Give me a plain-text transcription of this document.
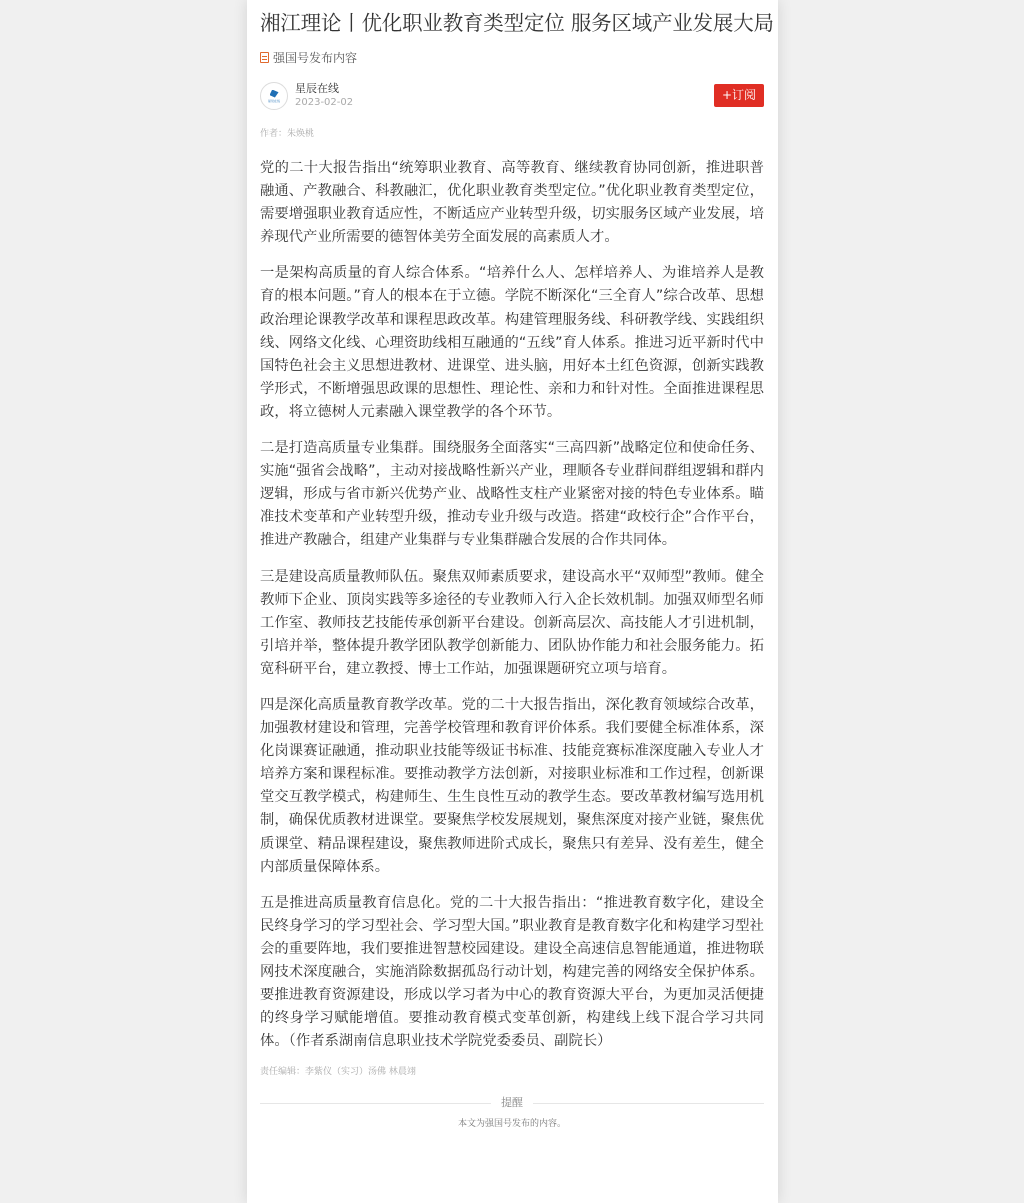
湘江理论丨优化职业教育类型定位 服务区域产业发展大局
强国号发布内容
星辰在线
星辰在线
2023-02-02
+订阅
作者：朱焕桃

党的二十大报告指出“统筹职业教育、高等教育、继续教育协同创新，推进职普融通、产教融合、科教融汇，优化职业教育类型定位。”优化职业教育类型定位，需要增强职业教育适应性，不断适应产业转型升级，切实服务区域产业发展，培养现代产业所需要的德智体美劳全面发展的高素质人才。

一是架构高质量的育人综合体系。“培养什么人、怎样培养人、为谁培养人是教育的根本问题。”育人的根本在于立德。学院不断深化“三全育人”综合改革、思想政治理论课教学改革和课程思政改革。构建管理服务线、科研教学线、实践组织线、网络文化线、心理资助线相互融通的“五线”育人体系。推进习近平新时代中国特色社会主义思想进教材、进课堂、进头脑，用好本土红色资源，创新实践教学形式，不断增强思政课的思想性、理论性、亲和力和针对性。全面推进课程思政，将立德树人元素融入课堂教学的各个环节。

二是打造高质量专业集群。围绕服务全面落实“三高四新”战略定位和使命任务、实施“强省会战略”，主动对接战略性新兴产业，理顺各专业群间群组逻辑和群内逻辑，形成与省市新兴优势产业、战略性支柱产业紧密对接的特色专业体系。瞄准技术变革和产业转型升级，推动专业升级与改造。搭建“政校行企”合作平台，推进产教融合，组建产业集群与专业集群融合发展的合作共同体。

三是建设高质量教师队伍。聚焦双师素质要求，建设高水平“双师型”教师。健全教师下企业、顶岗实践等多途径的专业教师入行入企长效机制。加强双师型名师工作室、教师技艺技能传承创新平台建设。创新高层次、高技能人才引进机制，引培并举，整体提升教学团队教学创新能力、团队协作能力和社会服务能力。拓宽科研平台，建立教授、博士工作站，加强课题研究立项与培育。

四是深化高质量教育教学改革。党的二十大报告指出，深化教育领域综合改革，加强教材建设和管理，完善学校管理和教育评价体系。我们要健全标准体系，深化岗课赛证融通，推动职业技能等级证书标准、技能竞赛标准深度融入专业人才培养方案和课程标准。要推动教学方法创新，对接职业标准和工作过程，创新课堂交互教学模式，构建师生、生生良性互动的教学生态。要改革教材编写选用机制，确保优质教材进课堂。要聚焦学校发展规划，聚焦深度对接产业链，聚焦优质课堂、精品课程建设，聚焦教师进阶式成长，聚焦只有差异、没有差生，健全内部质量保障体系。

五是推进高质量教育信息化。党的二十大报告指出：“推进教育数字化，建设全民终身学习的学习型社会、学习型大国。”职业教育是教育数字化和构建学习型社会的重要阵地，我们要推进智慧校园建设。建设全高速信息智能通道，推进物联网技术深度融合，实施消除数据孤岛行动计划，构建完善的网络安全保护体系。要推进教育资源建设，形成以学习者为中心的教育资源大平台，为更加灵活便捷的终身学习赋能增值。要推动教育模式变革创新，构建线上线下混合学习共同体。（作者系湖南信息职业技术学院党委委员、副院长）

责任编辑：李紫仪（实习）汤佛 林晨翊
提醒
本文为强国号发布的内容。
